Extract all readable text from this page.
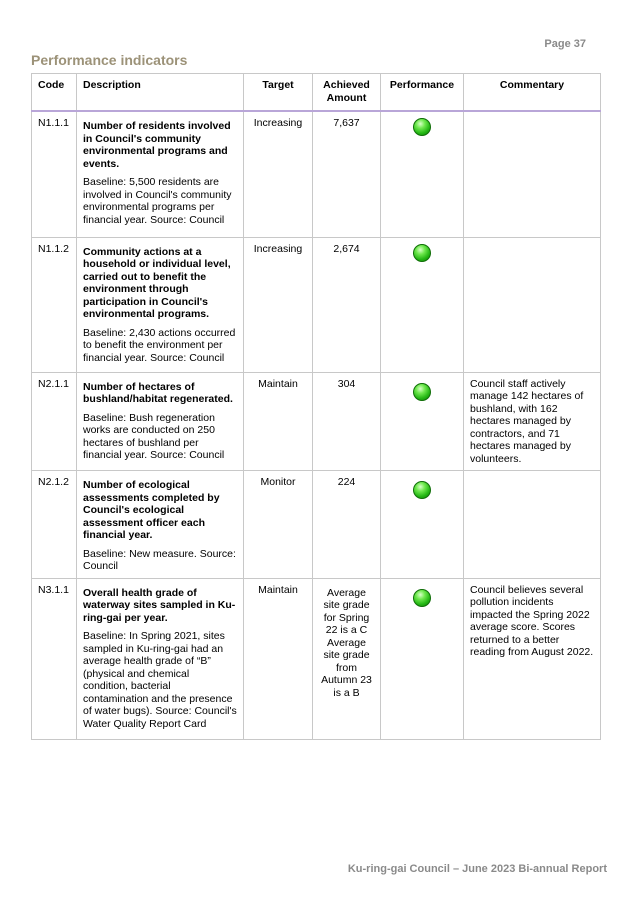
Page 37
Performance indicators
Code	Description	Target	Achieved Amount	Performance	Commentary
N1.1.1	Number of residents involved in Council's community environmental programs and events.

Baseline: 5,500 residents are involved in Council's community environmental programs per financial year. Source: Council	Increasing	7,637		
N1.1.2	Community actions at a household or individual level, carried out to benefit the environment through participation in Council's environmental programs.

Baseline: 2,430 actions occurred to benefit the environment per financial year. Source: Council	Increasing	2,674		
N2.1.1	Number of hectares of bushland/habitat regenerated.

Baseline: Bush regeneration works are conducted on 250 hectares of bushland per financial year. Source: Council	Maintain	304		Council staff actively manage 142 hectares of bushland, with 162 hectares managed by contractors, and 71 hectares managed by volunteers.
N2.1.2	Number of ecological assessments completed by Council's ecological assessment officer each financial year.

Baseline: New measure. Source: Council	Monitor	224		
N3.1.1	Overall health grade of waterway sites sampled in Ku-ring-gai per year.

Baseline: In Spring 2021, sites sampled in Ku-ring-gai had an average health grade of “B” (physical and chemical condition, bacterial contamination and the presence of water bugs). Source: Council's Water Quality Report Card	Maintain	Average site grade for Spring 22 is a C Average site grade from Autumn 23 is a B		Council believes several pollution incidents impacted the Spring 2022 average score. Scores returned to a better reading from August 2022.
Ku-ring-gai Council – June 2023 Bi-annual Report
